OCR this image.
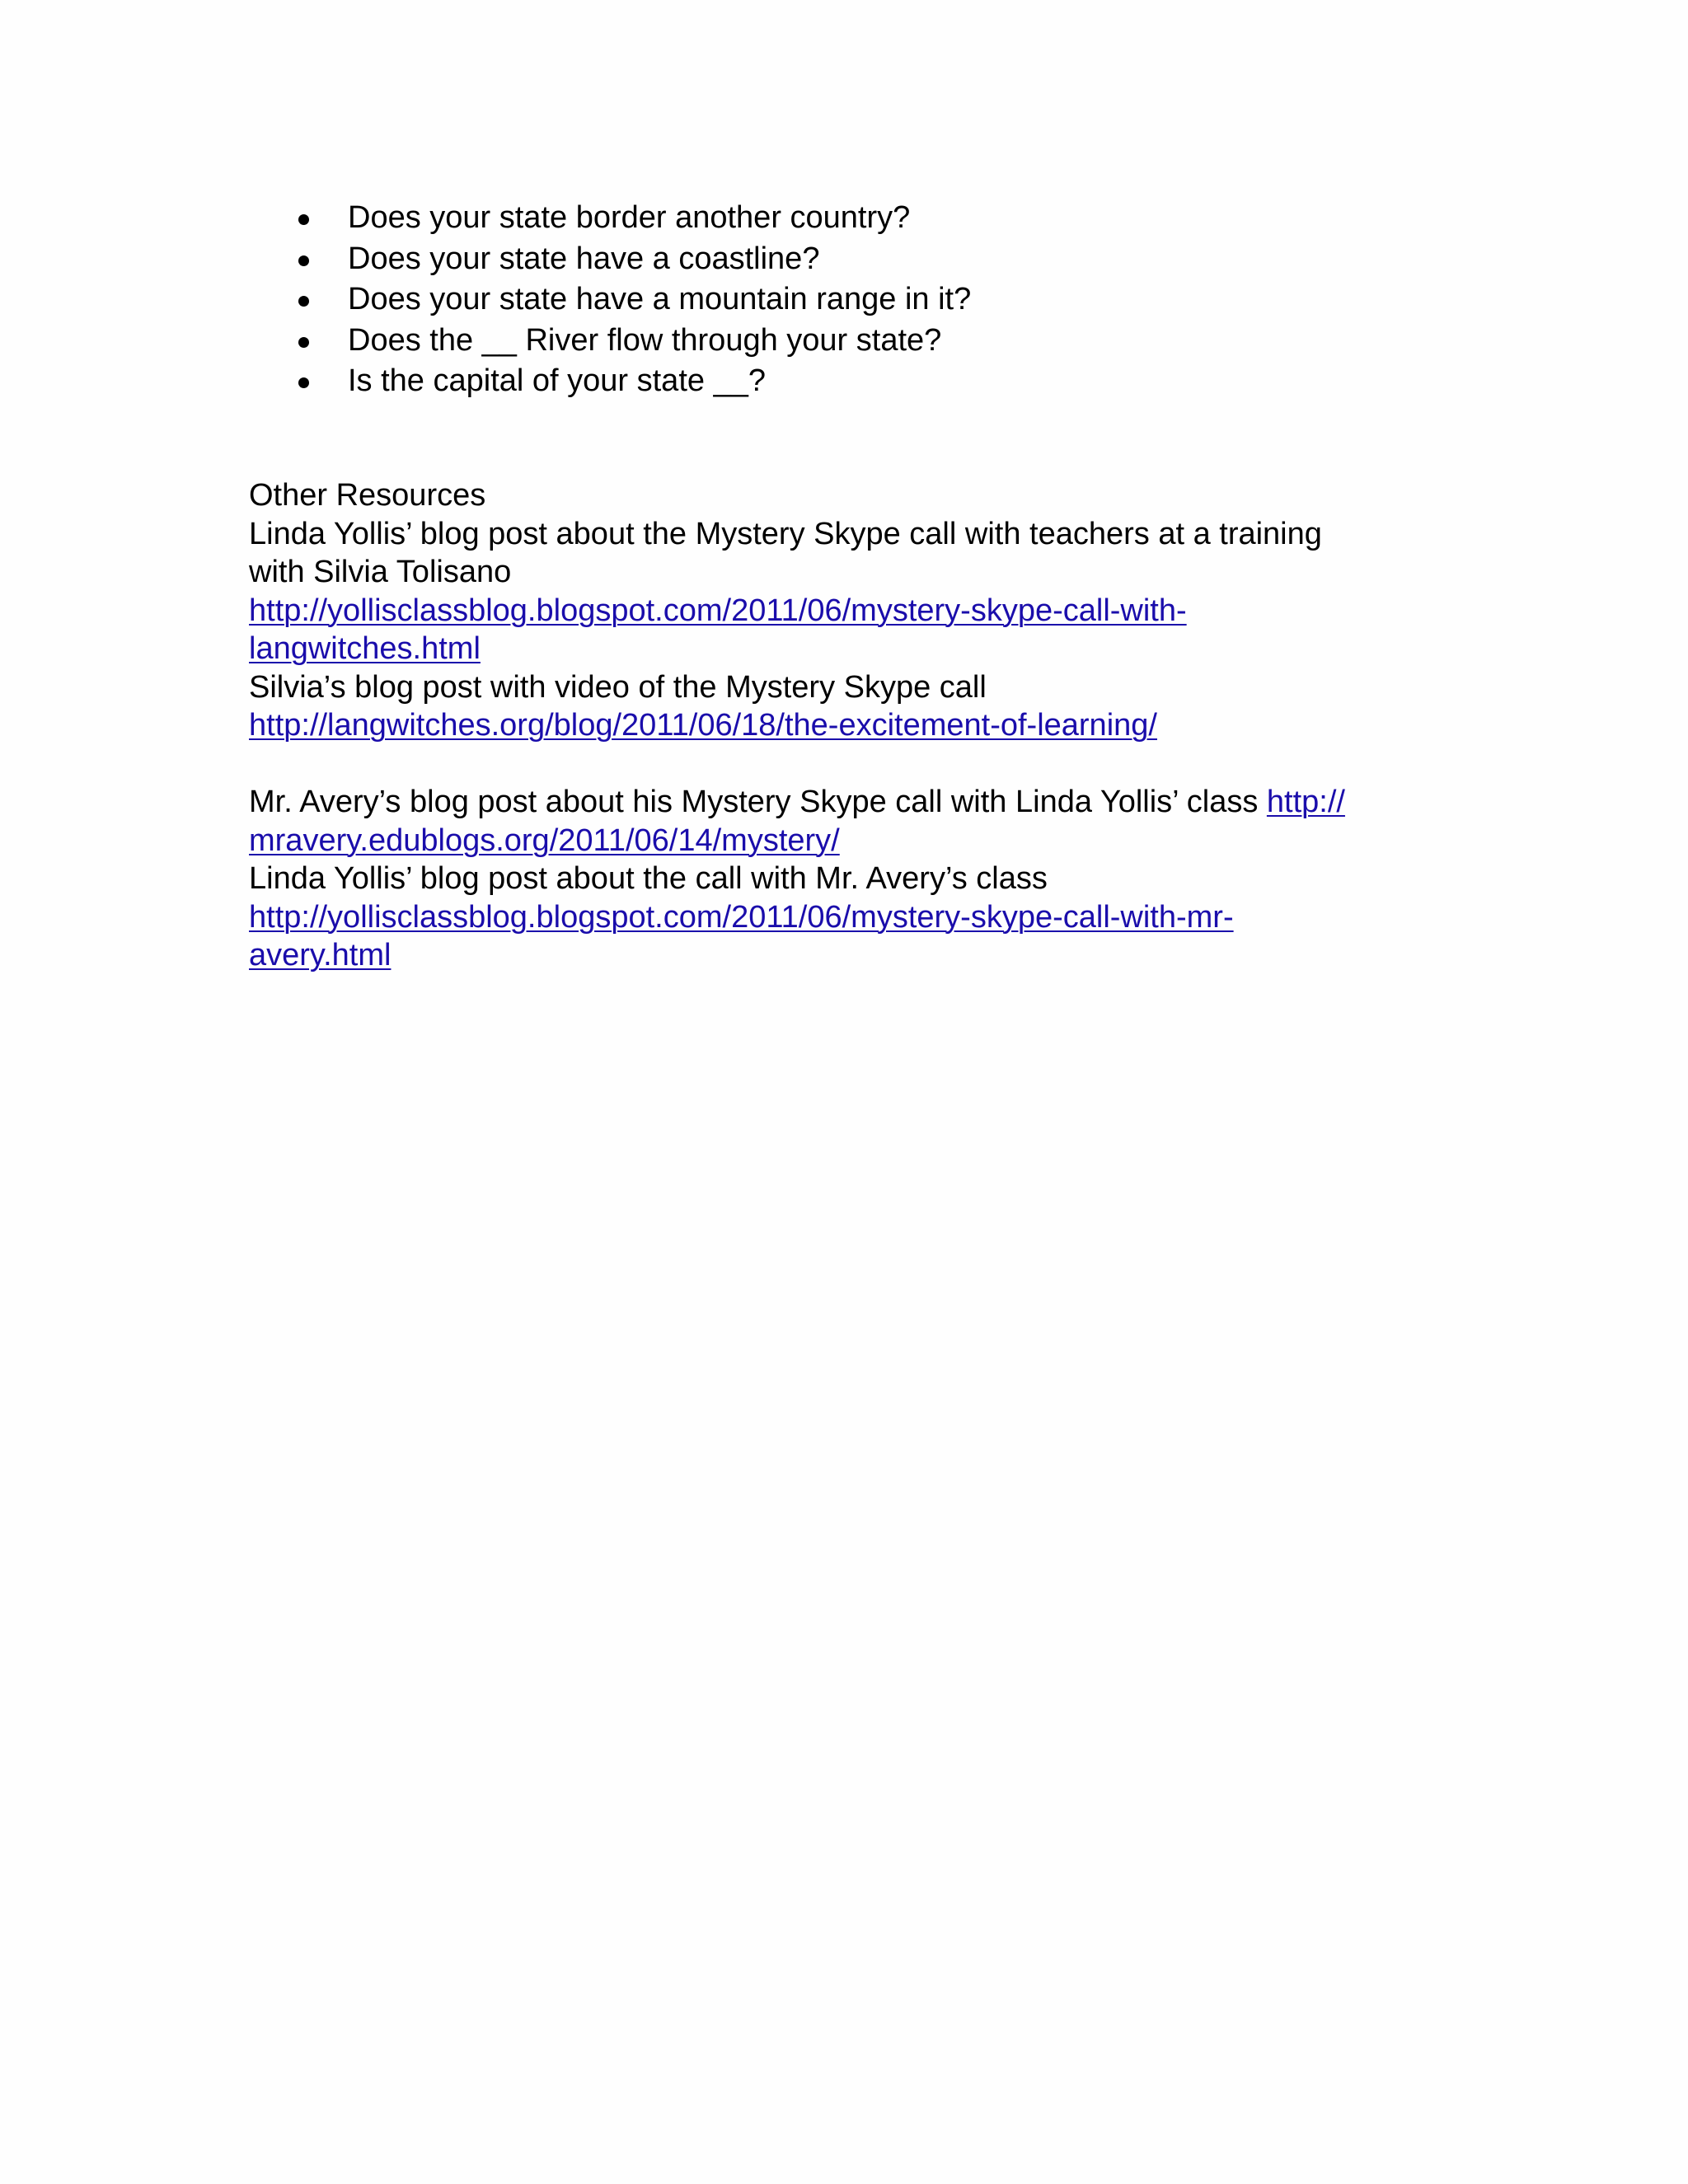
Does your state border another country?
Does your state have a coastline?
Does your state have a mountain range in it?
Does the __ River flow through your state?
Is the capital of your state __?
Other Resources
Linda Yollis’ blog post about the Mystery Skype call with teachers at a training
with Silvia Tolisano
http://yollisclassblog.blogspot.com/2011/06/mystery-skype-call-with-
langwitches.html
Silvia’s blog post with video of the Mystery Skype call
http://langwitches.org/blog/2011/06/18/the-excitement-of-learning/
Mr. Avery’s blog post about his Mystery Skype call with Linda Yollis’ class http://
mravery.edublogs.org/2011/06/14/mystery/
Linda Yollis’ blog post about the call with Mr. Avery’s class
http://yollisclassblog.blogspot.com/2011/06/mystery-skype-call-with-mr-
avery.html
